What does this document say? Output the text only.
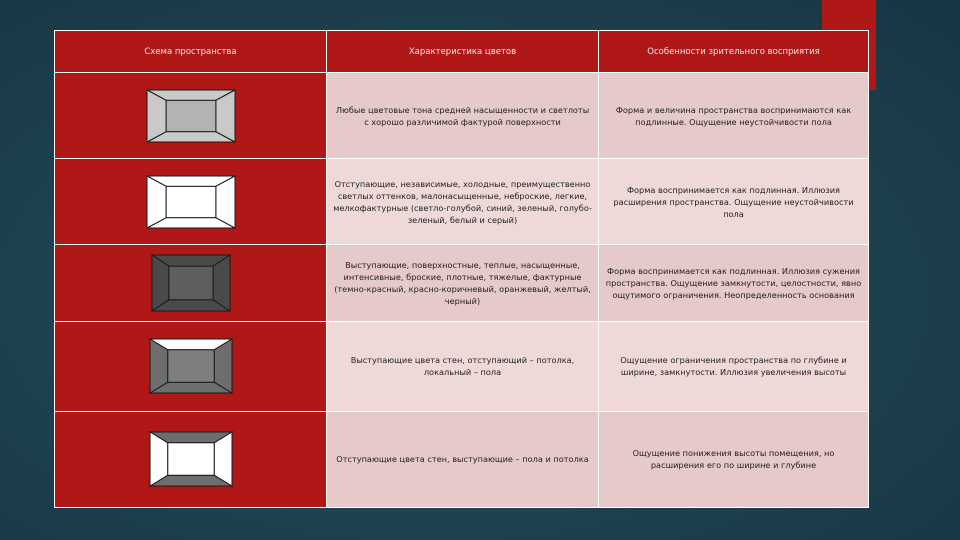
Схема пространства	Характеристика цветов	Особенности зрительного восприятия

	Любые цветовые тона средней насыщенности и светлоты с хорошо различимой фактурой поверхности	Форма и величина пространства воспринимаются как подлинные. Ощущение неустойчивости пола

	Отступающие, независимые, холодные, преимущественно светлых оттенков, малонасыщенные, неброские, легкие, мелкофактурные (светло-голубой, синий, зеленый, голубо-зеленый, белый и серый)	Форма воспринимается как подлинная. Иллюзия расширения пространства. Ощущение неустойчивости пола

	Выступающие, поверхностные, теплые, насыщенные, интенсивные, броские, плотные, тяжелые, фактурные (темно-красный, красно-коричневый, оранжевый, желтый, черный)	Форма воспринимается как подлинная. Иллюзия сужения пространства. Ощущение замкнутости, целостности, явно ощутимого ограничения. Неопределенность основания

	Выступающие цвета стен, отступающий – потолка, локальный – пола	Ощущение ограничения пространства по глубине и ширине, замкнутости. Иллюзия увеличения высоты

	Отступающие цвета стен, выступающие – пола и потолка	Ощущение понижения высоты помещения, но расширения его по ширине и глубине
